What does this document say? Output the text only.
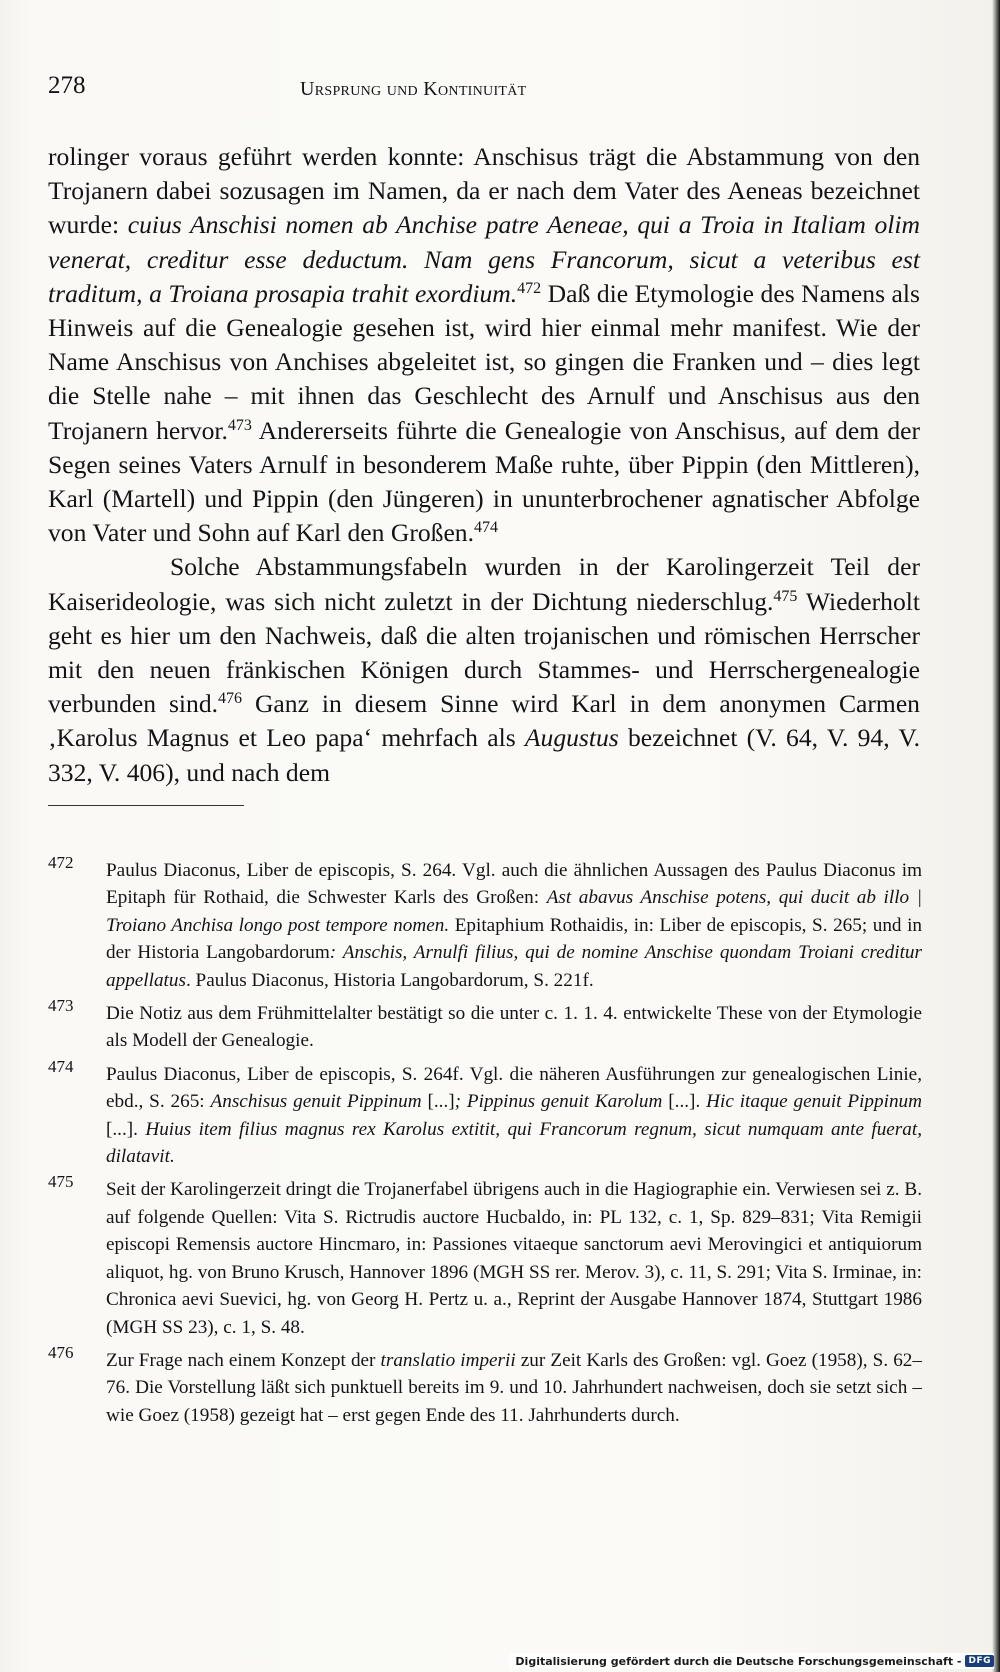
278	Ursprung und Kontinuität

rolinger voraus geführt werden konnte: Anschisus trägt die Abstammung von den Trojanern dabei sozusagen im Namen, da er nach dem Vater des Aeneas bezeichnet wurde: cuius Anschisi nomen ab Anchise patre Aeneae, qui a Troia in Italiam olim venerat, creditur esse deductum. Nam gens Francorum, sicut a veteribus est traditum, a Troiana prosapia trahit exordium.$^{472}$ Daß die Etymologie des Namens als Hinweis auf die Genealogie gesehen ist, wird hier einmal mehr manifest. Wie der Name Anschisus von Anchises abgeleitet ist, so gingen die Franken und – dies legt die Stelle nahe – mit ihnen das Geschlecht des Arnulf und Anschisus aus den Trojanern hervor.$^{473}$ Andererseits führte die Genealogie von Anschisus, auf dem der Segen seines Vaters Arnulf in besonderem Maße ruhte, über Pippin (den Mittleren), Karl (Martell) und Pippin (den Jüngeren) in ununterbrochener agnatischer Abfolge von Vater und Sohn auf Karl den Großen.$^{474}$

Solche Abstammungsfabeln wurden in der Karolingerzeit Teil der Kaiserideologie, was sich nicht zuletzt in der Dichtung niederschlug.$^{475}$ Wiederholt geht es hier um den Nachweis, daß die alten trojanischen und römischen Herrscher mit den neuen fränkischen Königen durch Stammes- und Herrschergenealogie verbunden sind.$^{476}$ Ganz in diesem Sinne wird Karl in dem anonymen Carmen ‚Karolus Magnus et Leo papa‘ mehrfach als Augustus bezeichnet (V. 64, V. 94, V. 332, V. 406), und nach dem

472 Paulus Diaconus, Liber de episcopis, S. 264. Vgl. auch die ähnlichen Aussagen des Paulus Diaconus im Epitaph für Rothaid, die Schwester Karls des Großen: Ast abavus Anschise potens, qui ducit ab illo | Troiano Anchisa longo post tempore nomen. Epitaphium Rothaidis, in: Liber de episcopis, S. 265; und in der Historia Langobardorum: Anschis, Arnulfi filius, qui de nomine Anschise quondam Troiani creditur appellatus. Paulus Diaconus, Historia Langobardorum, S. 221f.
473 Die Notiz aus dem Frühmittelalter bestätigt so die unter c. 1. 1. 4. entwickelte These von der Etymologie als Modell der Genealogie.
474 Paulus Diaconus, Liber de episcopis, S. 264f. Vgl. die näheren Ausführungen zur genealogischen Linie, ebd., S. 265: Anschisus genuit Pippinum [...]; Pippinus genuit Karolum [...]. Hic itaque genuit Pippinum [...]. Huius item filius magnus rex Karolus extitit, qui Francorum regnum, sicut numquam ante fuerat, dilatavit.
475 Seit der Karolingerzeit dringt die Trojanerfabel übrigens auch in die Hagiographie ein. Verwiesen sei z. B. auf folgende Quellen: Vita S. Rictrudis auctore Hucbaldo, in: PL 132, c. 1, Sp. 829–831; Vita Remigii episcopi Remensis auctore Hincmaro, in: Passiones vitaeque sanctorum aevi Merovingici et antiquiorum aliquot, hg. von Bruno Krusch, Hannover 1896 (MGH SS rer. Merov. 3), c. 11, S. 291; Vita S. Irminae, in: Chronica aevi Suevici, hg. von Georg H. Pertz u. a., Reprint der Ausgabe Hannover 1874, Stuttgart 1986 (MGH SS 23), c. 1, S. 48.
476 Zur Frage nach einem Konzept der translatio imperii zur Zeit Karls des Großen: vgl. Goez (1958), S. 62–76. Die Vorstellung läßt sich punktuell bereits im 9. und 10. Jahrhundert nachweisen, doch sie setzt sich – wie Goez (1958) gezeigt hat – erst gegen Ende des 11. Jahrhunderts durch.
Digitalisierung gefördert durch die Deutsche Forschungsgemeinschaft - DFG
